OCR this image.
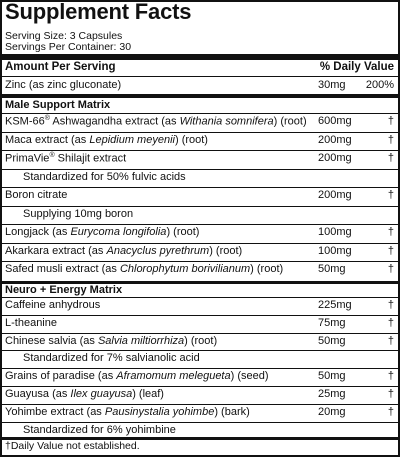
Supplement Facts
Serving Size: 3 Capsules
Servings Per Container: 30
Amount Per Serving	% Daily Value
Zinc (as zinc gluconate)	30mg 200%
Male Support Matrix
KSM-66® Ashwagandha extract (as Withania somnifera) (root) 600mg	†
Maca extract (as Lepidium meyenii) (root)	200mg	†
PrimaVie® Shilajit extract	200mg	†
Standardized for 50% fulvic acids
Boron citrate	200mg	†
Supplying 10mg boron
Longjack (as Eurycoma longifolia) (root)	100mg	†
Akarkara extract (as Anacyclus pyrethrum) (root)	100mg	†
Safed musli extract (as Chlorophytum borivilianum) (root)	50mg	†
Neuro + Energy Matrix
Caffeine anhydrous	225mg	†
L-theanine	75mg	†
Chinese salvia (as Salvia miltiorrhiza) (root)	50mg	†
Standardized for 7% salvianolic acid
Grains of paradise (as Aframomum melegueta) (seed)	50mg	†
Guayusa (as Ilex guayusa) (leaf)	25mg	†
Yohimbe extract (as Pausinystalia yohimbe) (bark)	20mg	†
Standardized for 6% yohimbine
†Daily Value not established.
